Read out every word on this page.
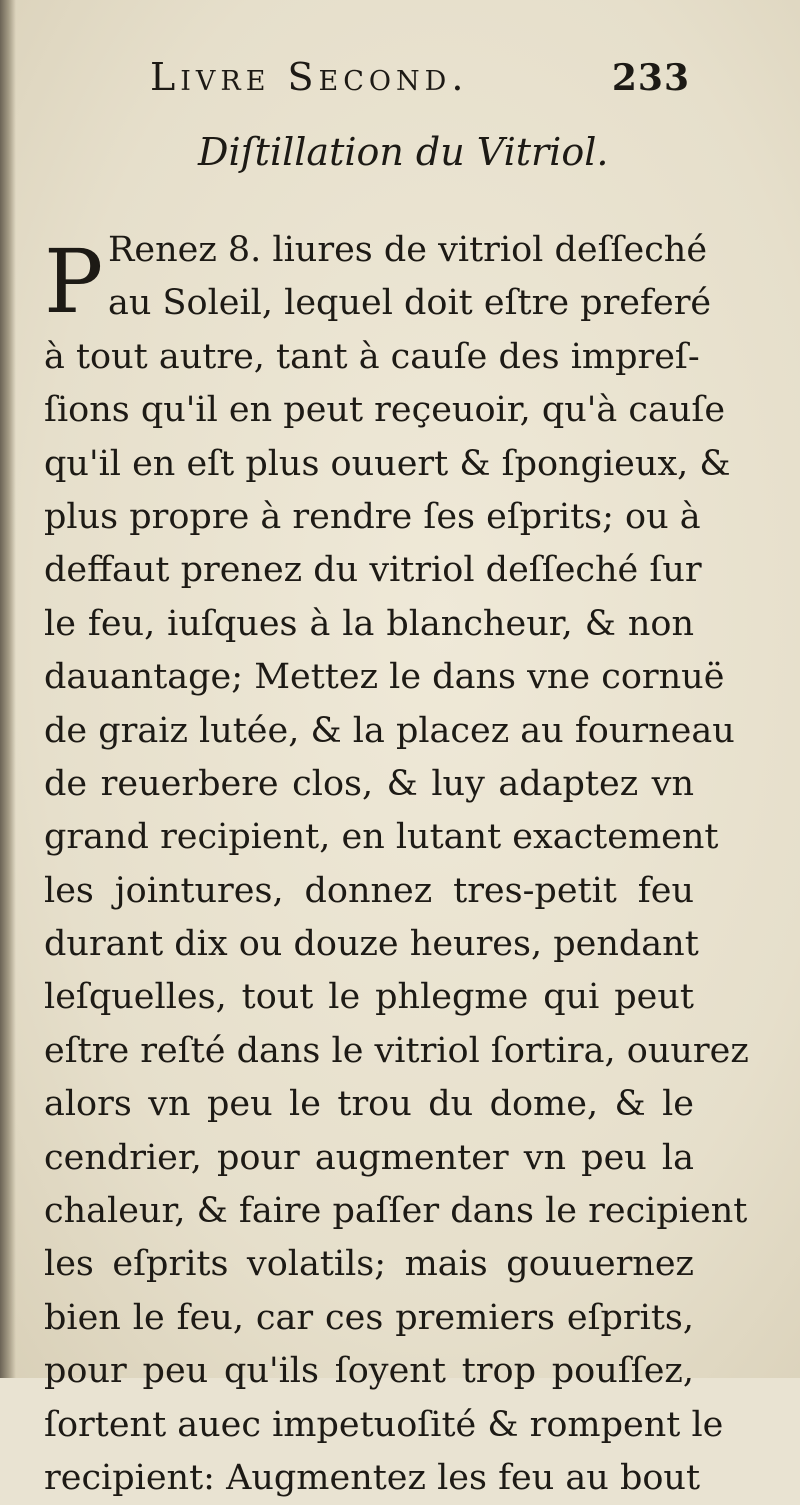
Livre Second.	233
Diſtillation du Vitriol.
P Renez 8. liures de vitriol deſſeché
au Soleil, lequel doit eſtre preferé
à tout autre, tant à cauſe des impreſ-
ſions qu'il en peut reçeuoir, qu'à cauſe
qu'il en eſt plus ouuert & ſpongieux, &
plus propre à rendre ſes eſprits; ou à
deffaut prenez du vitriol deſſeché ſur
le feu, iuſques à la blancheur, & non
dauantage; Mettez le dans vne cornuë
de graiz lutée, & la placez au fourneau
de reuerbere clos, & luy adaptez vn
grand recipient, en lutant exactement
les jointures, donnez tres-petit feu
durant dix ou douze heures, pendant
leſquelles, tout le phlegme qui peut
eſtre reſté dans le vitriol ſortira, ouurez
alors vn peu le trou du dome, & le
cendrier, pour augmenter vn peu la
chaleur, & faire paſſer dans le recipient
les eſprits volatils; mais gouuernez
bien le feu, car ces premiers eſprits,
pour peu qu'ils ſoyent trop pouſſez,
ſortent auec impetuoſité & rompent le
recipient: Augmentez les feu au bout
